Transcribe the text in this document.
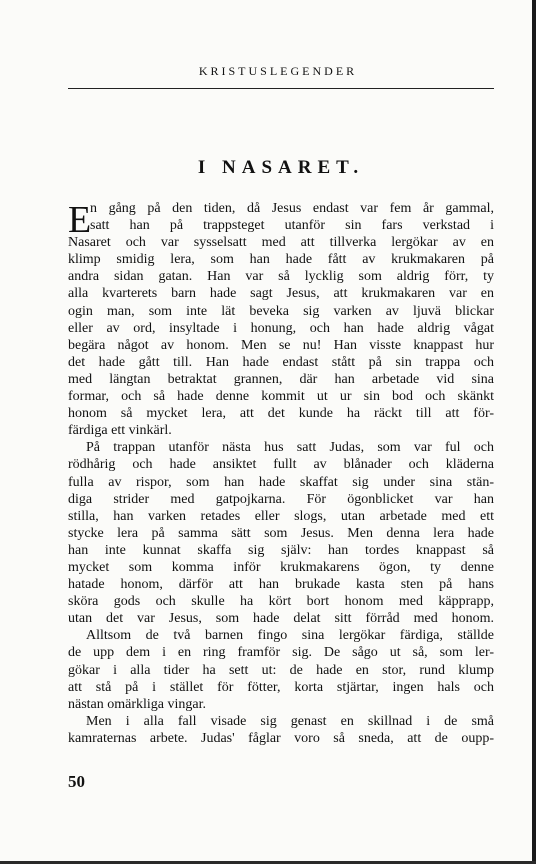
KRISTUSLEGENDER
I NASARET.
E
n gång på den tiden, då Jesus endast var fem år gammal,
satt han på trappsteget utanför sin fars verkstad i
Nasaret och var sysselsatt med att tillverka lergökar av en
klimp smidig lera, som han hade fått av krukmakaren på
andra sidan gatan. Han var så lycklig som aldrig förr, ty
alla kvarterets barn hade sagt Jesus, att krukmakaren var en
ogin man, som inte lät beveka sig varken av ljuvä blickar
eller av ord, insyltade i honung, och han hade aldrig vågat
begära något av honom. Men se nu! Han visste knappast hur
det hade gått till. Han hade endast stått på sin trappa och
med längtan betraktat grannen, där han arbetade vid sina
formar, och så hade denne kommit ut ur sin bod och skänkt
honom så mycket lera, att det kunde ha räckt till att för-
färdiga ett vinkärl.
På trappan utanför nästa hus satt Judas, som var ful och
rödhårig och hade ansiktet fullt av blånader och kläderna
fulla av rispor, som han hade skaffat sig under sina stän-
diga strider med gatpojkarna. För ögonblicket var han
stilla, han varken retades eller slogs, utan arbetade med ett
stycke lera på samma sätt som Jesus. Men denna lera hade
han inte kunnat skaffa sig själv: han tordes knappast så
mycket som komma inför krukmakarens ögon, ty denne
hatade honom, därför att han brukade kasta sten på hans
sköra gods och skulle ha kört bort honom med käpprapp,
utan det var Jesus, som hade delat sitt förråd med honom.
Alltsom de två barnen fingo sina lergökar färdiga, ställde
de upp dem i en ring framför sig. De sågo ut så, som ler-
gökar i alla tider ha sett ut: de hade en stor, rund klump
att stå på i stället för fötter, korta stjärtar, ingen hals och
nästan omärkliga vingar.
Men i alla fall visade sig genast en skillnad i de små
kamraternas arbete. Judas' fåglar voro så sneda, att de oupp-
50
